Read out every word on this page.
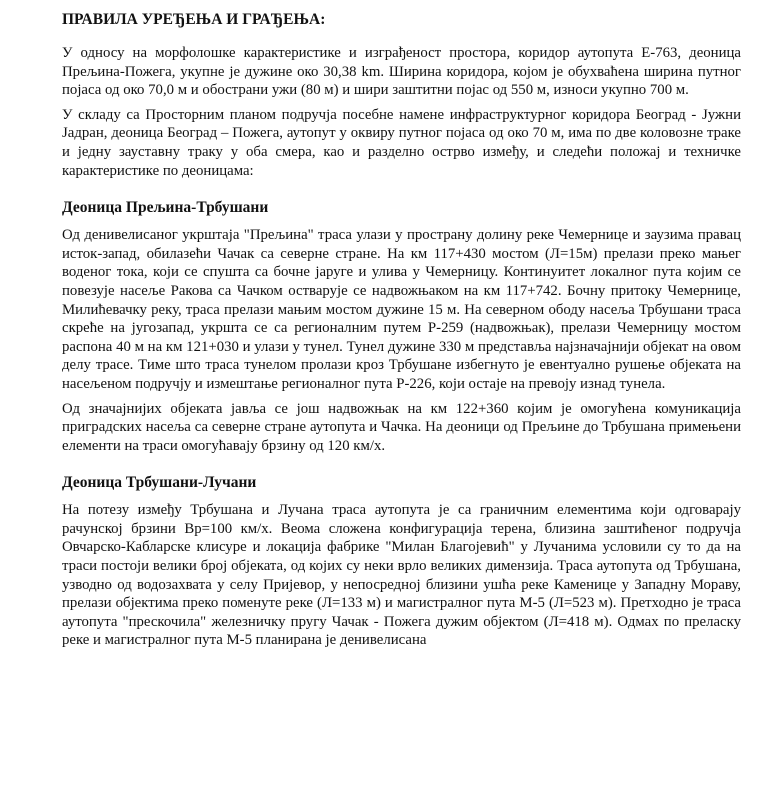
ПРАВИЛА УРЕЂЕЊА И ГРАЂЕЊА:

У односу на морфолошке карактеристике и изграђеност простора, коридор аутопута Е-763, деоница Прељина-Пожега, укупне је дужине око 30,38 km. Ширина коридора, којом је обухваћена ширина путног појаса од око 70,0 м и обострани ужи (80 м) и шири заштитни појас од 550 м, износи укупно 700 м.

У складу са Просторним планом подручја посебне намене инфраструктурног коридора Београд - Јужни Јадран, деоница Београд – Пожега, аутопут у оквиру путног појаса од око 70 м, има по две коловозне траке и једну зауставну траку у оба смера, као и разделно острво између, и следећи положај и техничке карактеристике по деоницама:

Деоница Прељина-Трбушани

Од денивелисаног укрштаја "Прељина" траса улази у пространу долину реке Чемернице и заузима правац исток-запад, обилазећи Чачак са северне стране. На км 117+430 мостом (Л=15м) прелази преко мањег воденог тока, који се спушта са бочне јаруге и улива у Чемерницу. Континуитет локалног пута којим се повезује насеље Ракова са Чачком остварује се надвожњаком на км 117+742. Бочну притоку Чемернице, Милићевачку реку, траса прелази мањим мостом дужине 15 м. На северном ободу насеља Трбушани траса скреће на југозапад, укршта се са регионалним путем Р-259 (надвожњак), прелази Чемерницу мостом распона 40 м на км 121+030 и улази у тунел. Тунел дужине 330 м представља најзначајнији објекат на овом делу трасе. Тиме што траса тунелом пролази кроз Трбушане избегнуто је евентуално рушење објеката на насељеном подручју и измештање регионалног пута Р-226, који остаје на превоју изнад тунела.

Од значајнијих објеката јавља се још надвожњак на км 122+360 којим је омогућена комуникација приградских насеља са северне стране аутопута и Чачка. На деоници од Прељине до Трбушана примењени елементи на траси омогућавају брзину од 120 км/х.

Деоница Трбушани-Лучани

На потезу између Трбушана и Лучана траса аутопута је са граничним елементима који одговарају рачунској брзини Вр=100 км/х. Веома сложена конфигурација терена, близина заштићеног подручја Овчарско-Кабларске клисуре и локација фабрике "Милан Благојевић" у Лучанима условили су то да на траси постоји велики број објеката, од којих су неки врло великих димензија. Траса аутопута од Трбушана, узводно од водозахвата у селу Пријевор, у непосредној близини ушћа реке Каменице у Западну Мораву, прелази објектима преко поменуте реке (Л=133 м) и магистралног пута М-5 (Л=523 м). Претходно је траса аутопута "прескочила" железничку пругу Чачак - Пожега дужим објектом (Л=418 м). Одмах по преласку реке и магистралног пута М-5 планирана је денивелисана
